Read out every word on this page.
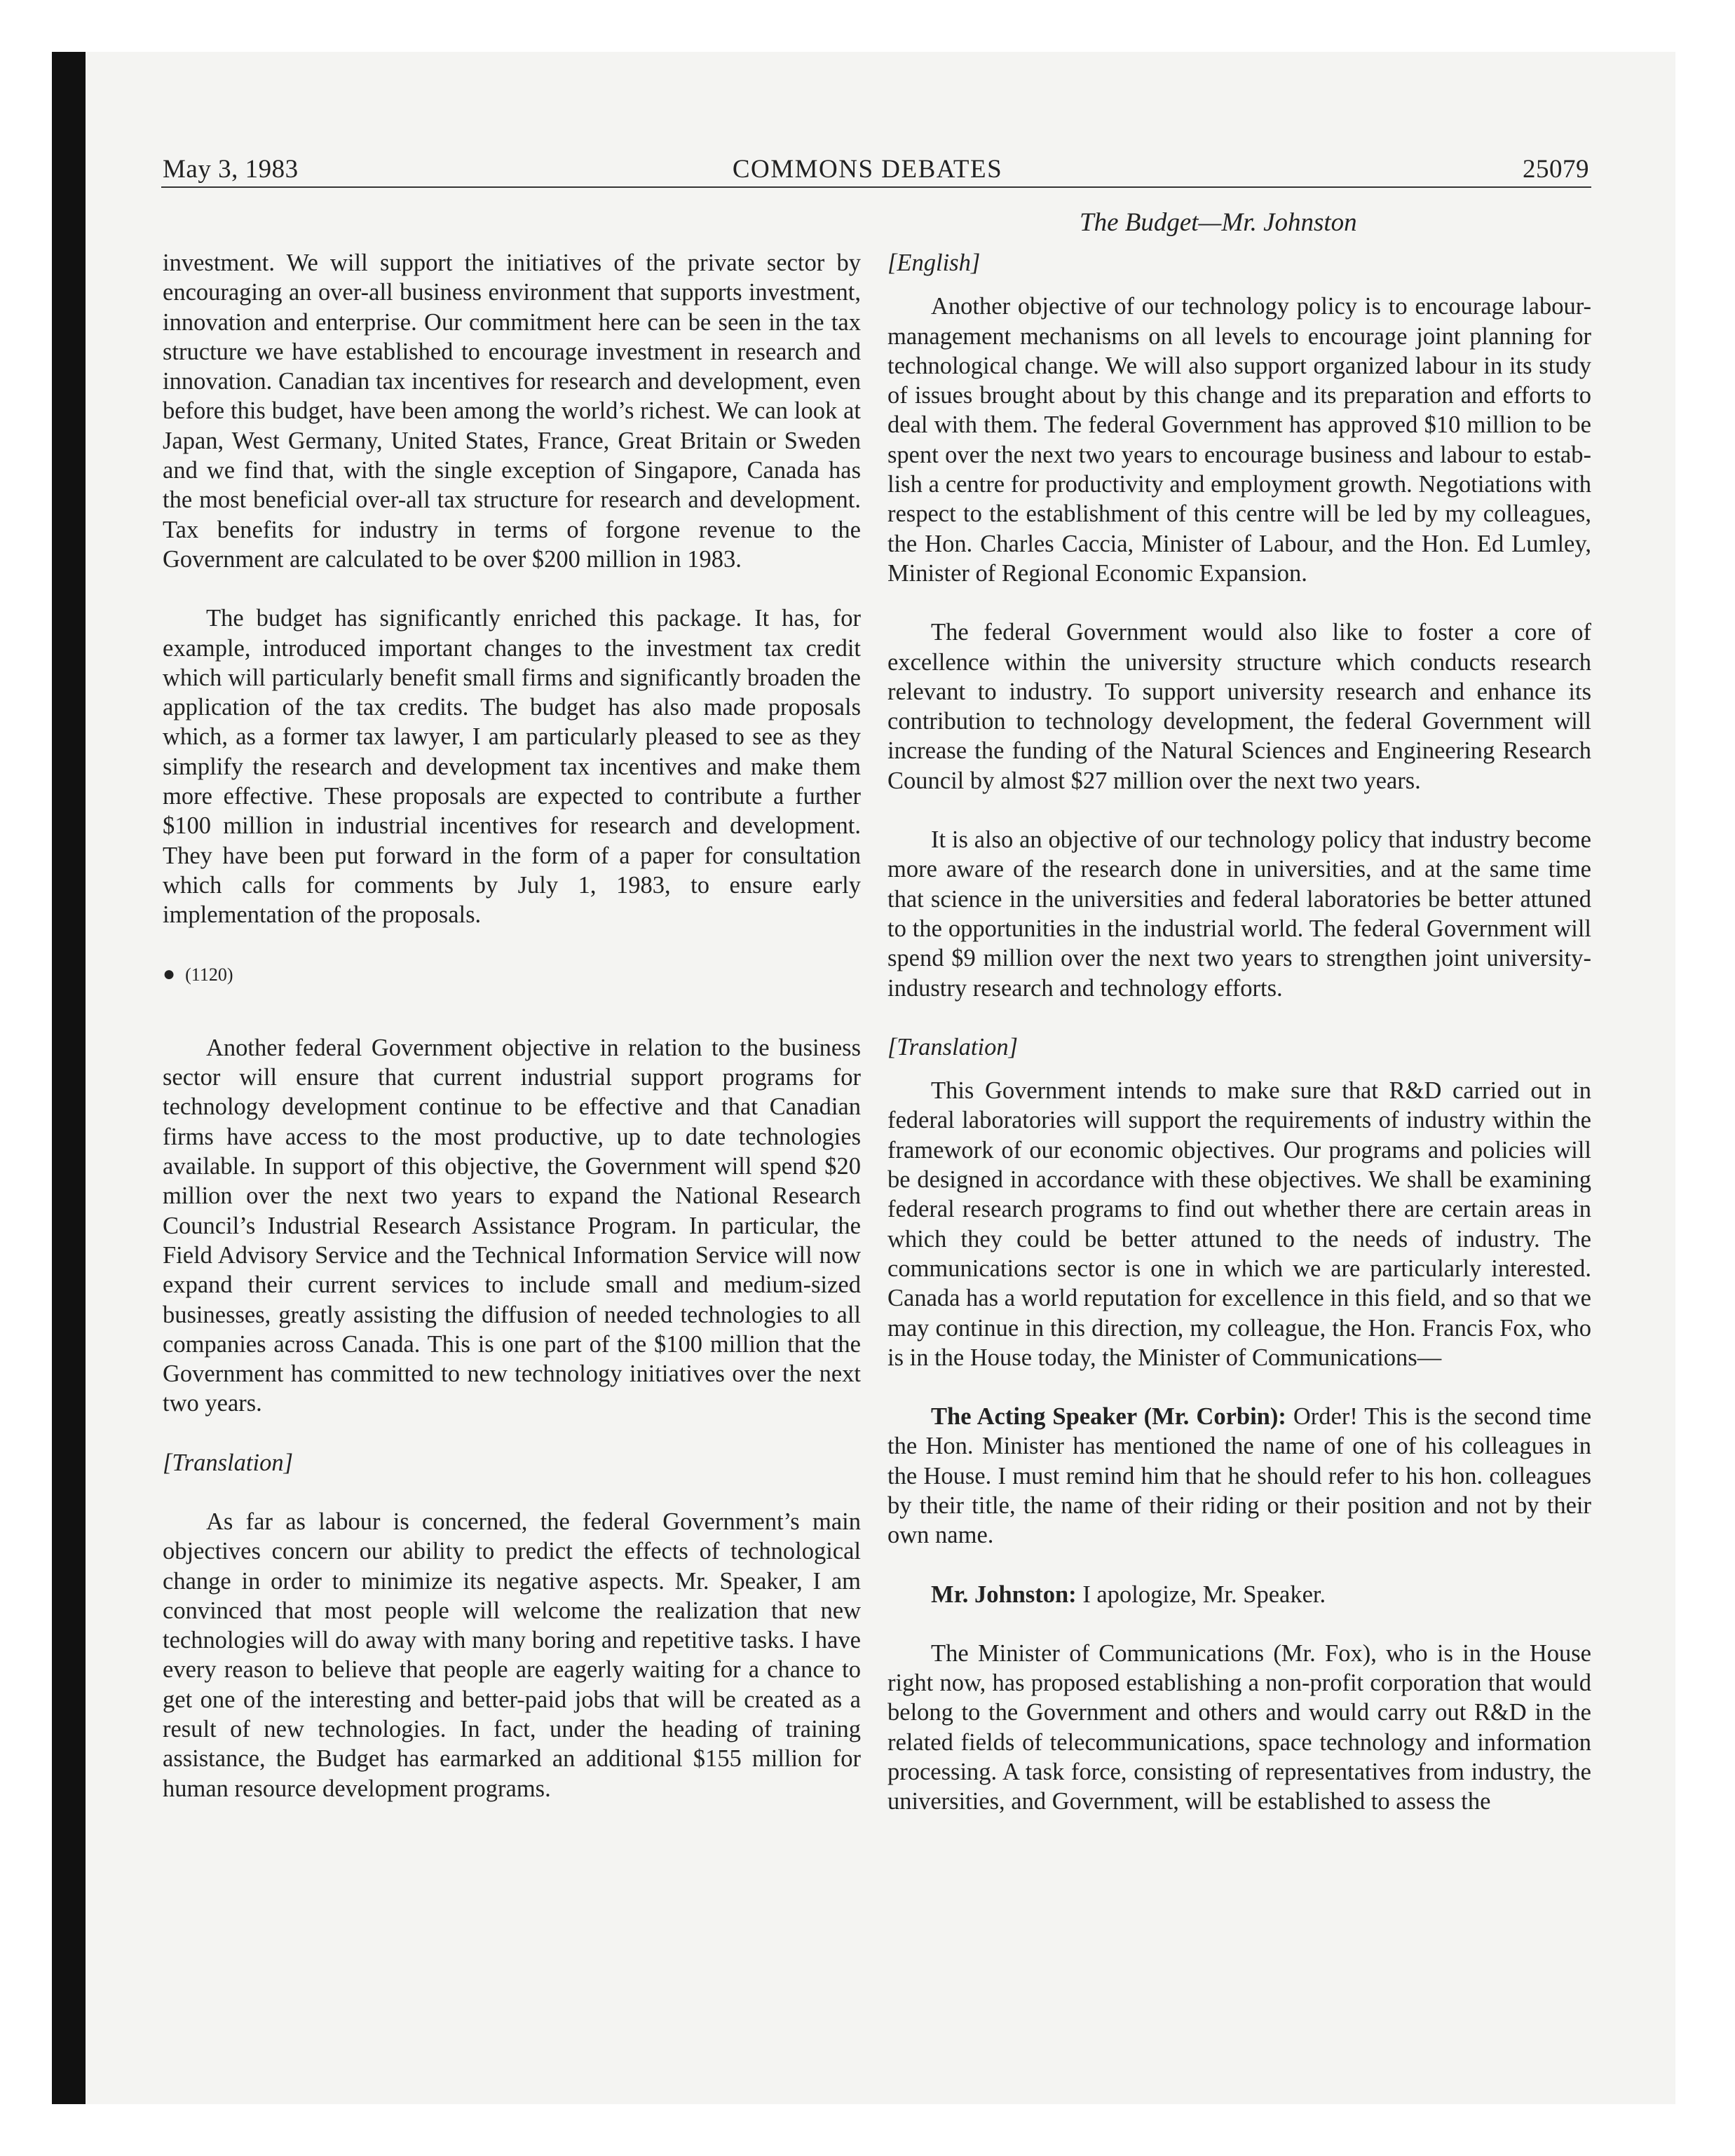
May 3, 1983	COMMONS DEBATES	25079
The Budget—Mr. Johnston

investment. We will support the initiatives of the private sector by encouraging an over-all business environment that supports investment, innovation and enterprise. Our commitment here can be seen in the tax structure we have established to encourage investment in research and innovation. Canadian tax incentives for research and development, even before this budget, have been among the world’s richest. We can look at Japan, West Germany, United States, France, Great Britain or Sweden and we find that, with the single exception of Singapore, Canada has the most beneficial over-all tax structure for research and development. Tax benefits for industry in terms of forgone revenue to the Government are calculated to be over $200 million in 1983.

The budget has significantly enriched this package. It has, for example, introduced important changes to the investment tax credit which will particularly benefit small firms and significantly broaden the application of the tax credits. The budget has also made proposals which, as a former tax lawyer, I am particularly pleased to see as they simplify the research and development tax incentives and make them more effective. These proposals are expected to contribute a further $100 million in industrial incentives for research and development. They have been put forward in the form of a paper for consultation which calls for comments by July 1, 1983, to ensure early implementation of the proposals.

● (1120)

Another federal Government objective in relation to the business sector will ensure that current industrial support programs for technology development continue to be effective and that Canadian firms have access to the most productive, up to date technologies available. In support of this objective, the Government will spend $20 million over the next two years to expand the National Research Council’s Industrial Research Assistance Program. In particular, the Field Advisory Service and the Technical Information Service will now expand their current services to include small and medium-sized businesses, greatly assisting the diffusion of needed technologies to all companies across Canada. This is one part of the $100 million that the Government has committed to new technology initiatives over the next two years.

[Translation]

As far as labour is concerned, the federal Government’s main objectives concern our ability to predict the effects of technological change in order to minimize its negative aspects. Mr. Speaker, I am convinced that most people will welcome the realization that new technologies will do away with many boring and repetitive tasks. I have every reason to believe that people are eagerly waiting for a chance to get one of the interesting and better-paid jobs that will be created as a result of new technologies. In fact, under the heading of training assistance, the Budget has earmarked an additional $155 million for human resource development programs.

[English]

Another objective of our technology policy is to encourage labour-management mechanisms on all levels to encourage joint planning for technological change. We will also support organized labour in its study of issues brought about by this change and its preparation and efforts to deal with them. The federal Government has approved $10 million to be spent over the next two years to encourage business and labour to establish a centre for productivity and employment growth. Negotiations with respect to the establishment of this centre will be led by my colleagues, the Hon. Charles Caccia, Minister of Labour, and the Hon. Ed Lumley, Minister of Regional Economic Expansion.

The federal Government would also like to foster a core of excellence within the university structure which conducts research relevant to industry. To support university research and enhance its contribution to technology development, the federal Government will increase the funding of the Natural Sciences and Engineering Research Council by almost $27 million over the next two years.

It is also an objective of our technology policy that industry become more aware of the research done in universities, and at the same time that science in the universities and federal laboratories be better attuned to the opportunities in the industrial world. The federal Government will spend $9 million over the next two years to strengthen joint university-industry research and technology efforts.

[Translation]

This Government intends to make sure that R&D carried out in federal laboratories will support the requirements of industry within the framework of our economic objectives. Our programs and policies will be designed in accordance with these objectives. We shall be examining federal research programs to find out whether there are certain areas in which they could be better attuned to the needs of industry. The communications sector is one in which we are particularly interested. Canada has a world reputation for excellence in this field, and so that we may continue in this direction, my colleague, the Hon. Francis Fox, who is in the House today, the Minister of Communications—

The Acting Speaker (Mr. Corbin): Order! This is the second time the Hon. Minister has mentioned the name of one of his colleagues in the House. I must remind him that he should refer to his hon. colleagues by their title, the name of their riding or their position and not by their own name.

Mr. Johnston: I apologize, Mr. Speaker.

The Minister of Communications (Mr. Fox), who is in the House right now, has proposed establishing a non-profit corporation that would belong to the Government and others and would carry out R&D in the related fields of telecommunications, space technology and information processing. A task force, consisting of representatives from industry, the universities, and Government, will be established to assess the
